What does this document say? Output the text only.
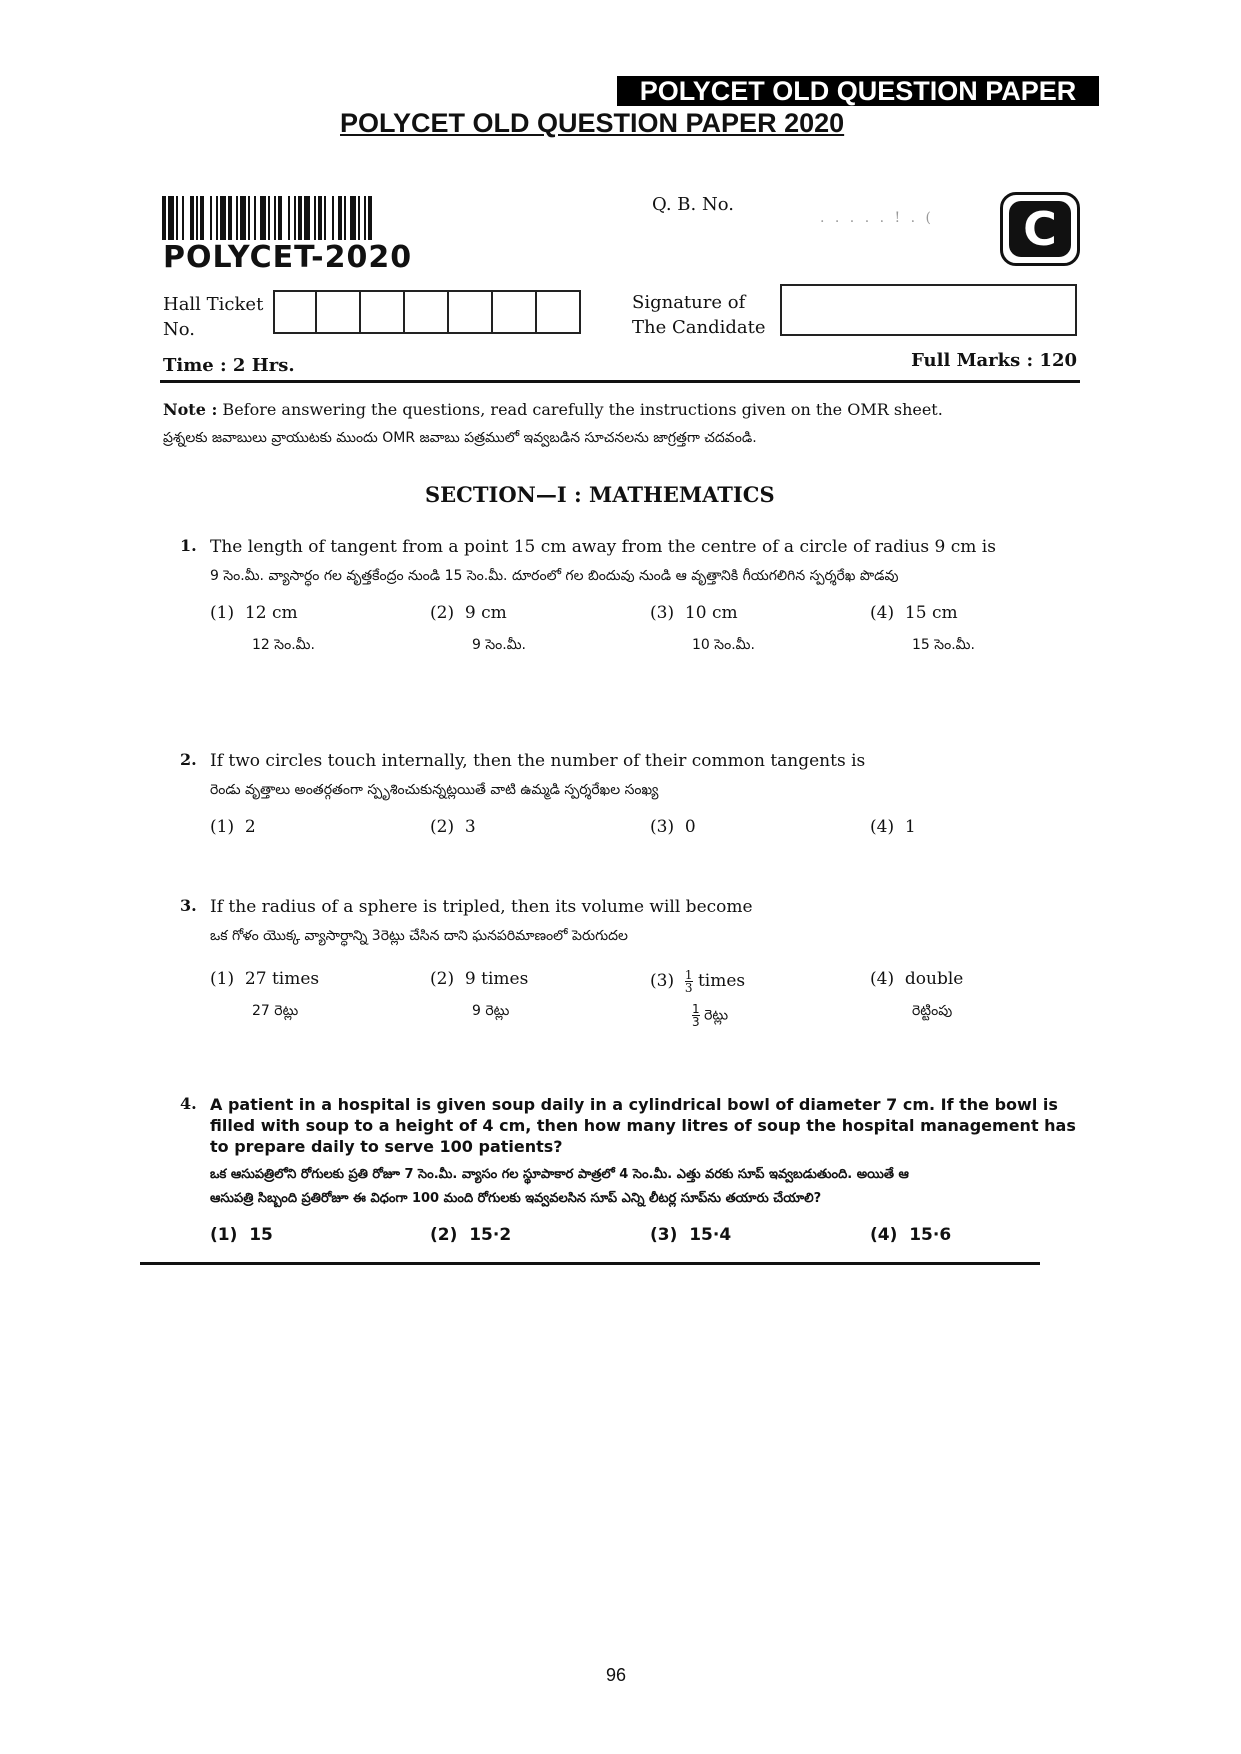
POLYCET OLD QUESTION PAPER
POLYCET OLD QUESTION PAPER 2020
POLYCET-2020
Q. B. No.
. . . . . ! . (	C
Hall Ticket
No.
Signature of
The Candidate
Time : 2 Hrs.	Full Marks : 120
Note : Before answering the questions, read carefully the instructions given on the OMR sheet.
ప్రశ్నలకు జవాబులు వ్రాయుటకు ముందు OMR జవాబు పత్రములో ఇవ్వబడిన సూచనలను జాగ్రత్తగా చదవండి.
SECTION—I : MATHEMATICS
1. The length of tangent from a point 15 cm away from the centre of a circle of radius 9 cm is
9 సెం.మీ. వ్యాసార్ధం గల వృత్తకేంద్రం నుండి 15 సెం.మీ. దూరంలో గల బిందువు నుండి ఆ వృత్తానికి గీయగలిగిన స్పర్శరేఖ పొడవు
(1) 12 cm	(2) 9 cm	(3) 10 cm	(4) 15 cm
12 సెం.మీ.	9 సెం.మీ.	10 సెం.మీ.	15 సెం.మీ.
2. If two circles touch internally, then the number of their common tangents is
రెండు వృత్తాలు అంతర్గతంగా స్పృశించుకున్నట్లయితే వాటి ఉమ్మడి స్పర్శరేఖల సంఖ్య
(1) 2	(2) 3	(3) 0	(4) 1
3. If the radius of a sphere is tripled, then its volume will become
ఒక గోళం యొక్క వ్యాసార్ధాన్ని 3రెట్లు చేసిన దాని ఘనపరిమాణంలో పెరుగుదల
(1) 27 times	(2) 9 times	$(3) \frac{1}{3}$ times	(4) double
27 రెట్లు	9 రెట్లు	$\frac{1}{3}$ రెట్లు	రెట్టింపు
4. A patient in a hospital is given soup daily in a cylindrical bowl of diameter 7 cm. If the bowl is filled with soup to a height of 4 cm, then how many litres of soup the hospital management has to prepare daily to serve 100 patients?
ఒక ఆసుపత్రిలోని రోగులకు ప్రతి రోజూ 7 సెం.మీ. వ్యాసం గల స్థూపాకార పాత్రలో 4 సెం.మీ. ఎత్తు వరకు సూప్ ఇవ్వబడుతుంది. అయితే ఆ
ఆసుపత్రి సిబ్బంది ప్రతిరోజూ ఈ విధంగా 100 మంది రోగులకు ఇవ్వవలసిన సూప్ ఎన్ని లీటర్ల సూప్‌ను తయారు చేయాలి?
(1) 15	(2) 15·2	(3) 15·4	(4) 15·6
96
